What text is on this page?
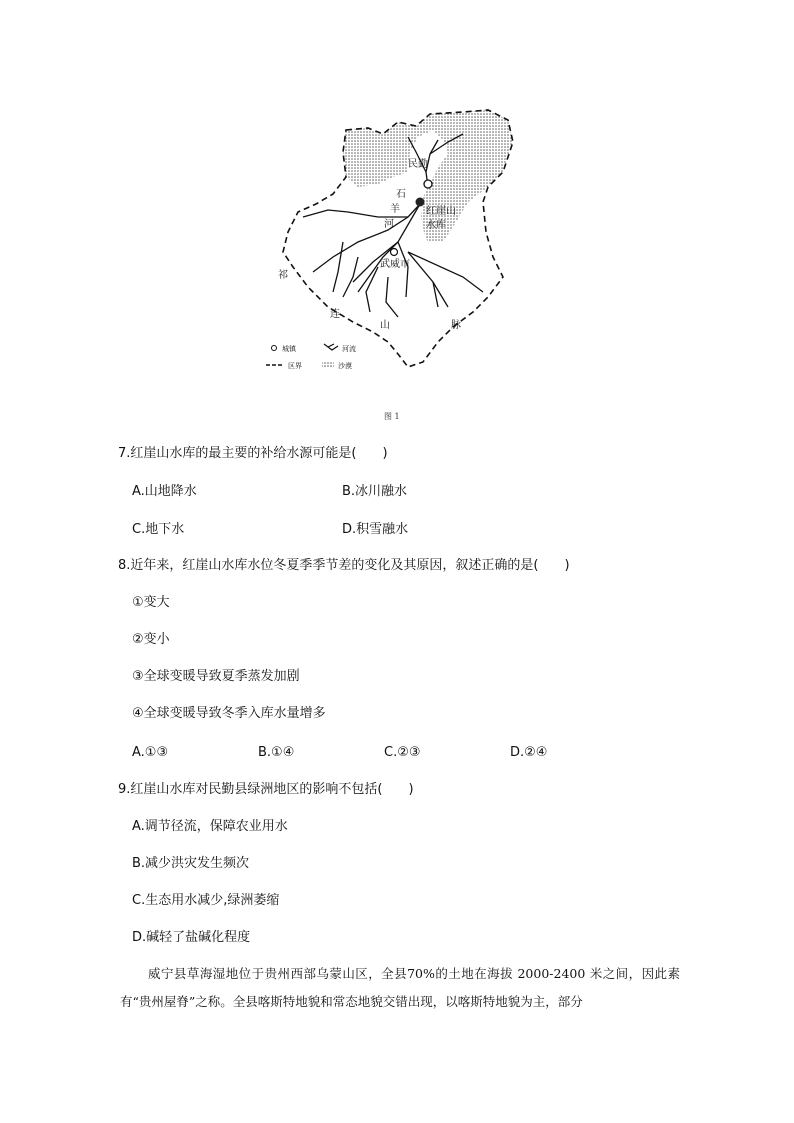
民勤
石
羊
河
红崖山
水库
武威市
祁
连
山	脉
城镇	河流
区界	沙漠
图 1
7.红崖山水库的最主要的补给水源可能是(　　)
A.山地降水	B.冰川融水
C.地下水	D.积雪融水
8.近年来，红崖山水库水位冬夏季季节差的变化及其原因，叙述正确的是(　　)
①变大
②变小
③全球变暖导致夏季蒸发加剧
④全球变暖导致冬季入库水量增多
A.①③	B.①④	C.②③	D.②④
9.红崖山水库对民勤县绿洲地区的影响不包括(　　)
A.调节径流，保障农业用水
B.减少洪灾发生频次
C.生态用水减少,绿洲萎缩
D.碱轻了盐碱化程度
威宁县草海湿地位于贵州西部乌蒙山区，全县70%的土地在海拔 2000-2400 米之间，因此素有“贵州屋脊”之称。全县喀斯特地貌和常态地貌交错出现，以喀斯特地貌为主，部分
